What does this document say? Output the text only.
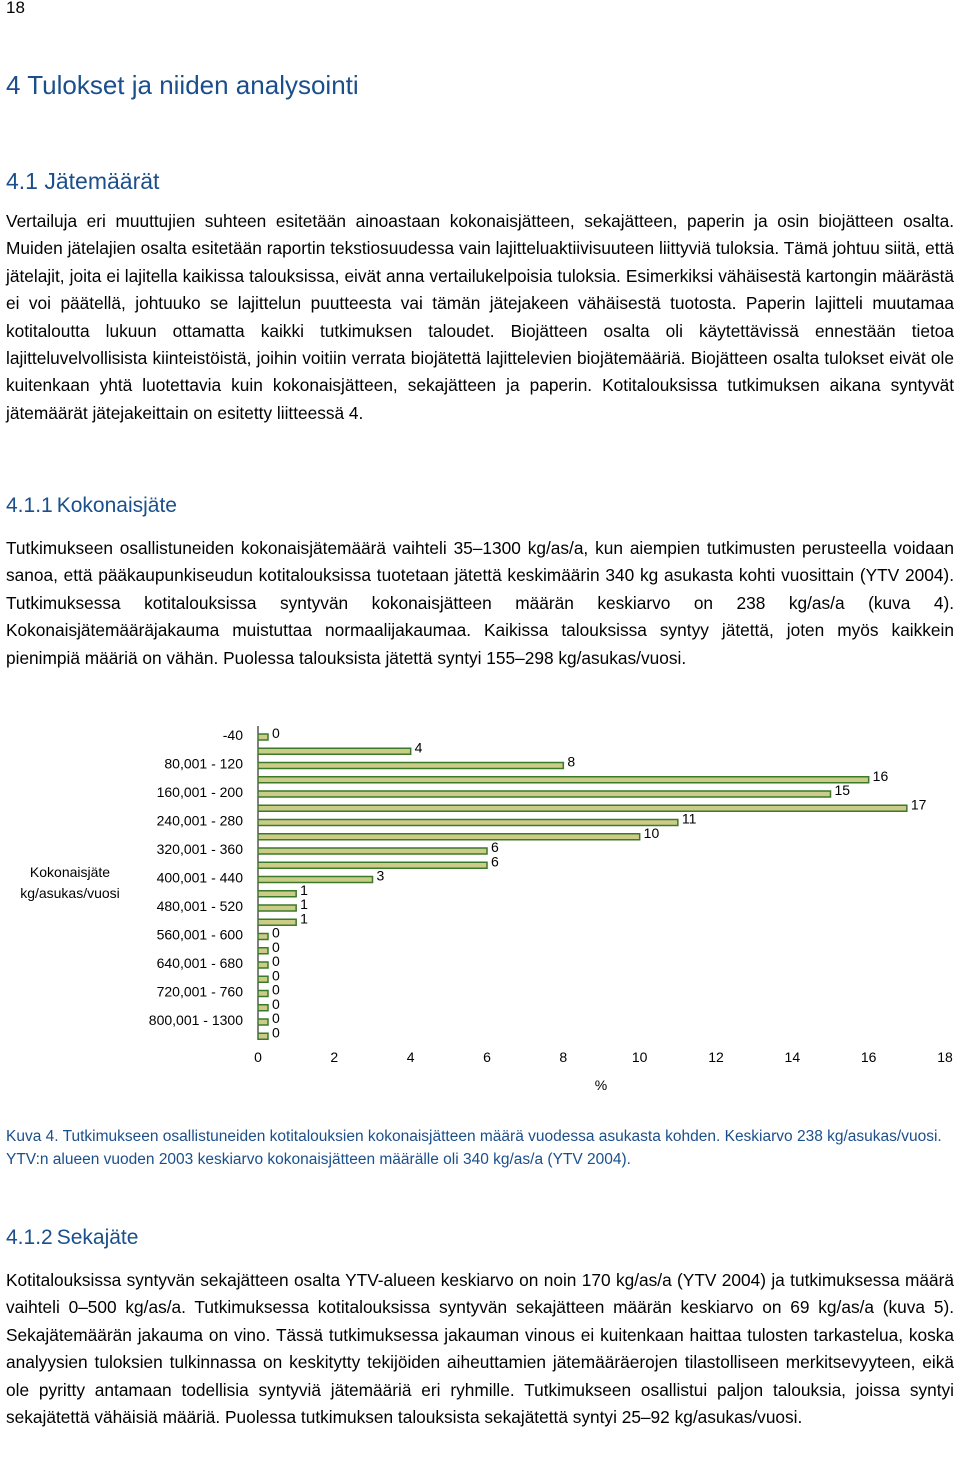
18
4 Tulokset ja niiden analysointi
4.1 Jätemäärät

Vertailuja eri muuttujien suhteen esitetään ainoastaan kokonaisjätteen, sekajätteen, paperin ja osin biojätteen osalta. Muiden jätelajien osalta esitetään raportin tekstiosuudessa vain lajitteluaktiivisuuteen liittyviä tuloksia. Tämä johtuu siitä, että jätelajit, joita ei lajitella kaikissa talouksissa, eivät anna vertailukelpoisia tuloksia. Esimerkiksi vähäisestä kartongin määrästä ei voi päätellä, johtuuko se lajittelun puutteesta vai tämän jätejakeen vähäisestä tuotosta. Paperin lajitteli muutamaa kotitaloutta lukuun ottamatta kaikki tutkimuksen taloudet. Biojätteen osalta oli käytettävissä ennestään tietoa lajitteluvelvollisista kiinteistöistä, joihin voitiin verrata biojätettä lajittelevien biojätemääriä. Biojätteen osalta tulokset eivät ole kuitenkaan yhtä luotettavia kuin kokonaisjätteen, sekajätteen ja paperin. Kotitalouksissa tutkimuksen aikana syntyvät jätemäärät jätejakeittain on esitetty liitteessä 4.

4.1.1 Kokonaisjäte

Tutkimukseen osallistuneiden kokonaisjätemäärä vaihteli 35–1300 kg/as/a, kun aiempien tutkimusten perusteella voidaan sanoa, että pääkaupunkiseudun kotitalouksissa tuotetaan jätettä keskimäärin 340 kg asukasta kohti vuosittain (YTV 2004). Tutkimuksessa kotitalouksissa syntyvän kokonaisjätteen määrän keskiarvo on 238 kg/as/a (kuva 4). Kokonaisjätemääräjakauma muistuttaa normaalijakaumaa. Kaikissa talouksissa syntyy jätettä, joten myös kaikkein pienimpiä määriä on vähän. Puolessa talouksista jätettä syntyi 155–298 kg/asukas/vuosi.

-40
80,001 - 120
160,001 - 200
240,001 - 280
320,001 - 360
400,001 - 440
480,001 - 520
560,001 - 600
640,001 - 680
720,001 - 760
800,001 - 1300
Kokonaisjäte
kg/asukas/vuosi
0
4
8
16
15
17
11
10
6
6
3
1
1
1
0
0
0
0
0
0
0
0
0	2	4	6	8	10	12	14	16	18
%

Kuva 4. Tutkimukseen osallistuneiden kotitalouksien kokonaisjätteen määrä vuodessa asukasta kohden. Keskiarvo 238 kg/asukas/vuosi. YTV:n alueen vuoden 2003 keskiarvo kokonaisjätteen määrälle oli 340 kg/as/a (YTV 2004).

4.1.2 Sekajäte

Kotitalouksissa syntyvän sekajätteen osalta YTV-alueen keskiarvo on noin 170 kg/as/a (YTV 2004) ja tutkimuksessa määrä vaihteli 0–500 kg/as/a. Tutkimuksessa kotitalouksissa syntyvän sekajätteen määrän keskiarvo on 69 kg/as/a (kuva 5). Sekajätemäärän jakauma on vino. Tässä tutkimuksessa jakauman vinous ei kuitenkaan haittaa tulosten tarkastelua, koska analyysien tuloksien tulkinnassa on keskitytty tekijöiden aiheuttamien jätemääräerojen tilastolliseen merkitsevyyteen, eikä ole pyritty antamaan todellisia syntyviä jätemääriä eri ryhmille. Tutkimukseen osallistui paljon talouksia, joissa syntyi sekajätettä vähäisiä määriä. Puolessa tutkimuksen talouksista sekajätettä syntyi 25–92 kg/asukas/vuosi.
